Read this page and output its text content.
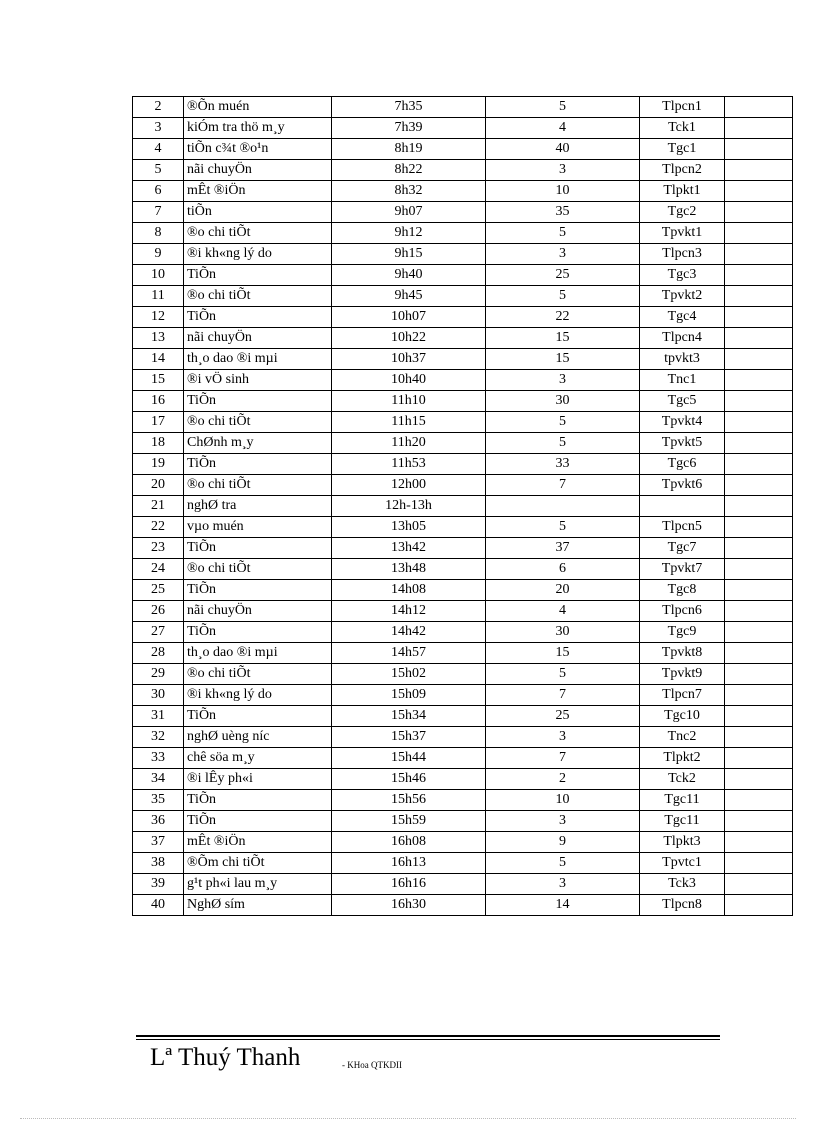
2	®Õn muén	7h35	5	Tlpcn1	
3	kiÓm tra thö m¸y	7h39	4	Tck1	
4	tiÕn c¾t ®o¹n	8h19	40	Tgc1	
5	nãi chuyÖn	8h22	3	Tlpcn2	
6	mÊt ®iÖn	8h32	10	Tlpkt1	
7	tiÕn	9h07	35	Tgc2	
8	®o chi tiÕt	9h12	5	Tpvkt1	
9	®i kh«ng lý do	9h15	3	Tlpcn3	
10	TiÕn	9h40	25	Tgc3	
11	®o chi tiÕt	9h45	5	Tpvkt2	
12	TiÕn	10h07	22	Tgc4	
13	nãi chuyÖn	10h22	15	Tlpcn4	
14	th¸o dao ®i mµi	10h37	15	tpvkt3	
15	®i vÖ sinh	10h40	3	Tnc1	
16	TiÕn	11h10	30	Tgc5	
17	®o chi tiÕt	11h15	5	Tpvkt4	
18	ChØnh m¸y	11h20	5	Tpvkt5	
19	TiÕn	11h53	33	Tgc6	
20	®o chi tiÕt	12h00	7	Tpvkt6	
21	nghØ tra	12h-13h			
22	vµo muén	13h05	5	Tlpcn5	
23	TiÕn	13h42	37	Tgc7	
24	®o chi tiÕt	13h48	6	Tpvkt7	
25	TiÕn	14h08	20	Tgc8	
26	nãi chuyÖn	14h12	4	Tlpcn6	
27	TiÕn	14h42	30	Tgc9	
28	th¸o dao ®i mµi	14h57	15	Tpvkt8	
29	®o chi tiÕt	15h02	5	Tpvkt9	
30	®i kh«ng lý do	15h09	7	Tlpcn7	
31	TiÕn	15h34	25	Tgc10	
32	nghØ uèng níc	15h37	3	Tnc2	
33	chê söa m¸y	15h44	7	Tlpkt2	
34	®i lÊy ph«i	15h46	2	Tck2	
35	TiÕn	15h56	10	Tgc11	
36	TiÕn	15h59	3	Tgc11	
37	mÊt ®iÖn	16h08	9	Tlpkt3	
38	®Õm chi tiÕt	16h13	5	Tpvtc1	
39	g¹t ph«i lau m¸y	16h16	3	Tck3	
40	NghØ sím	16h30	14	Tlpcn8	
Lª Thuý Thanh	- KHoa QTKDII
